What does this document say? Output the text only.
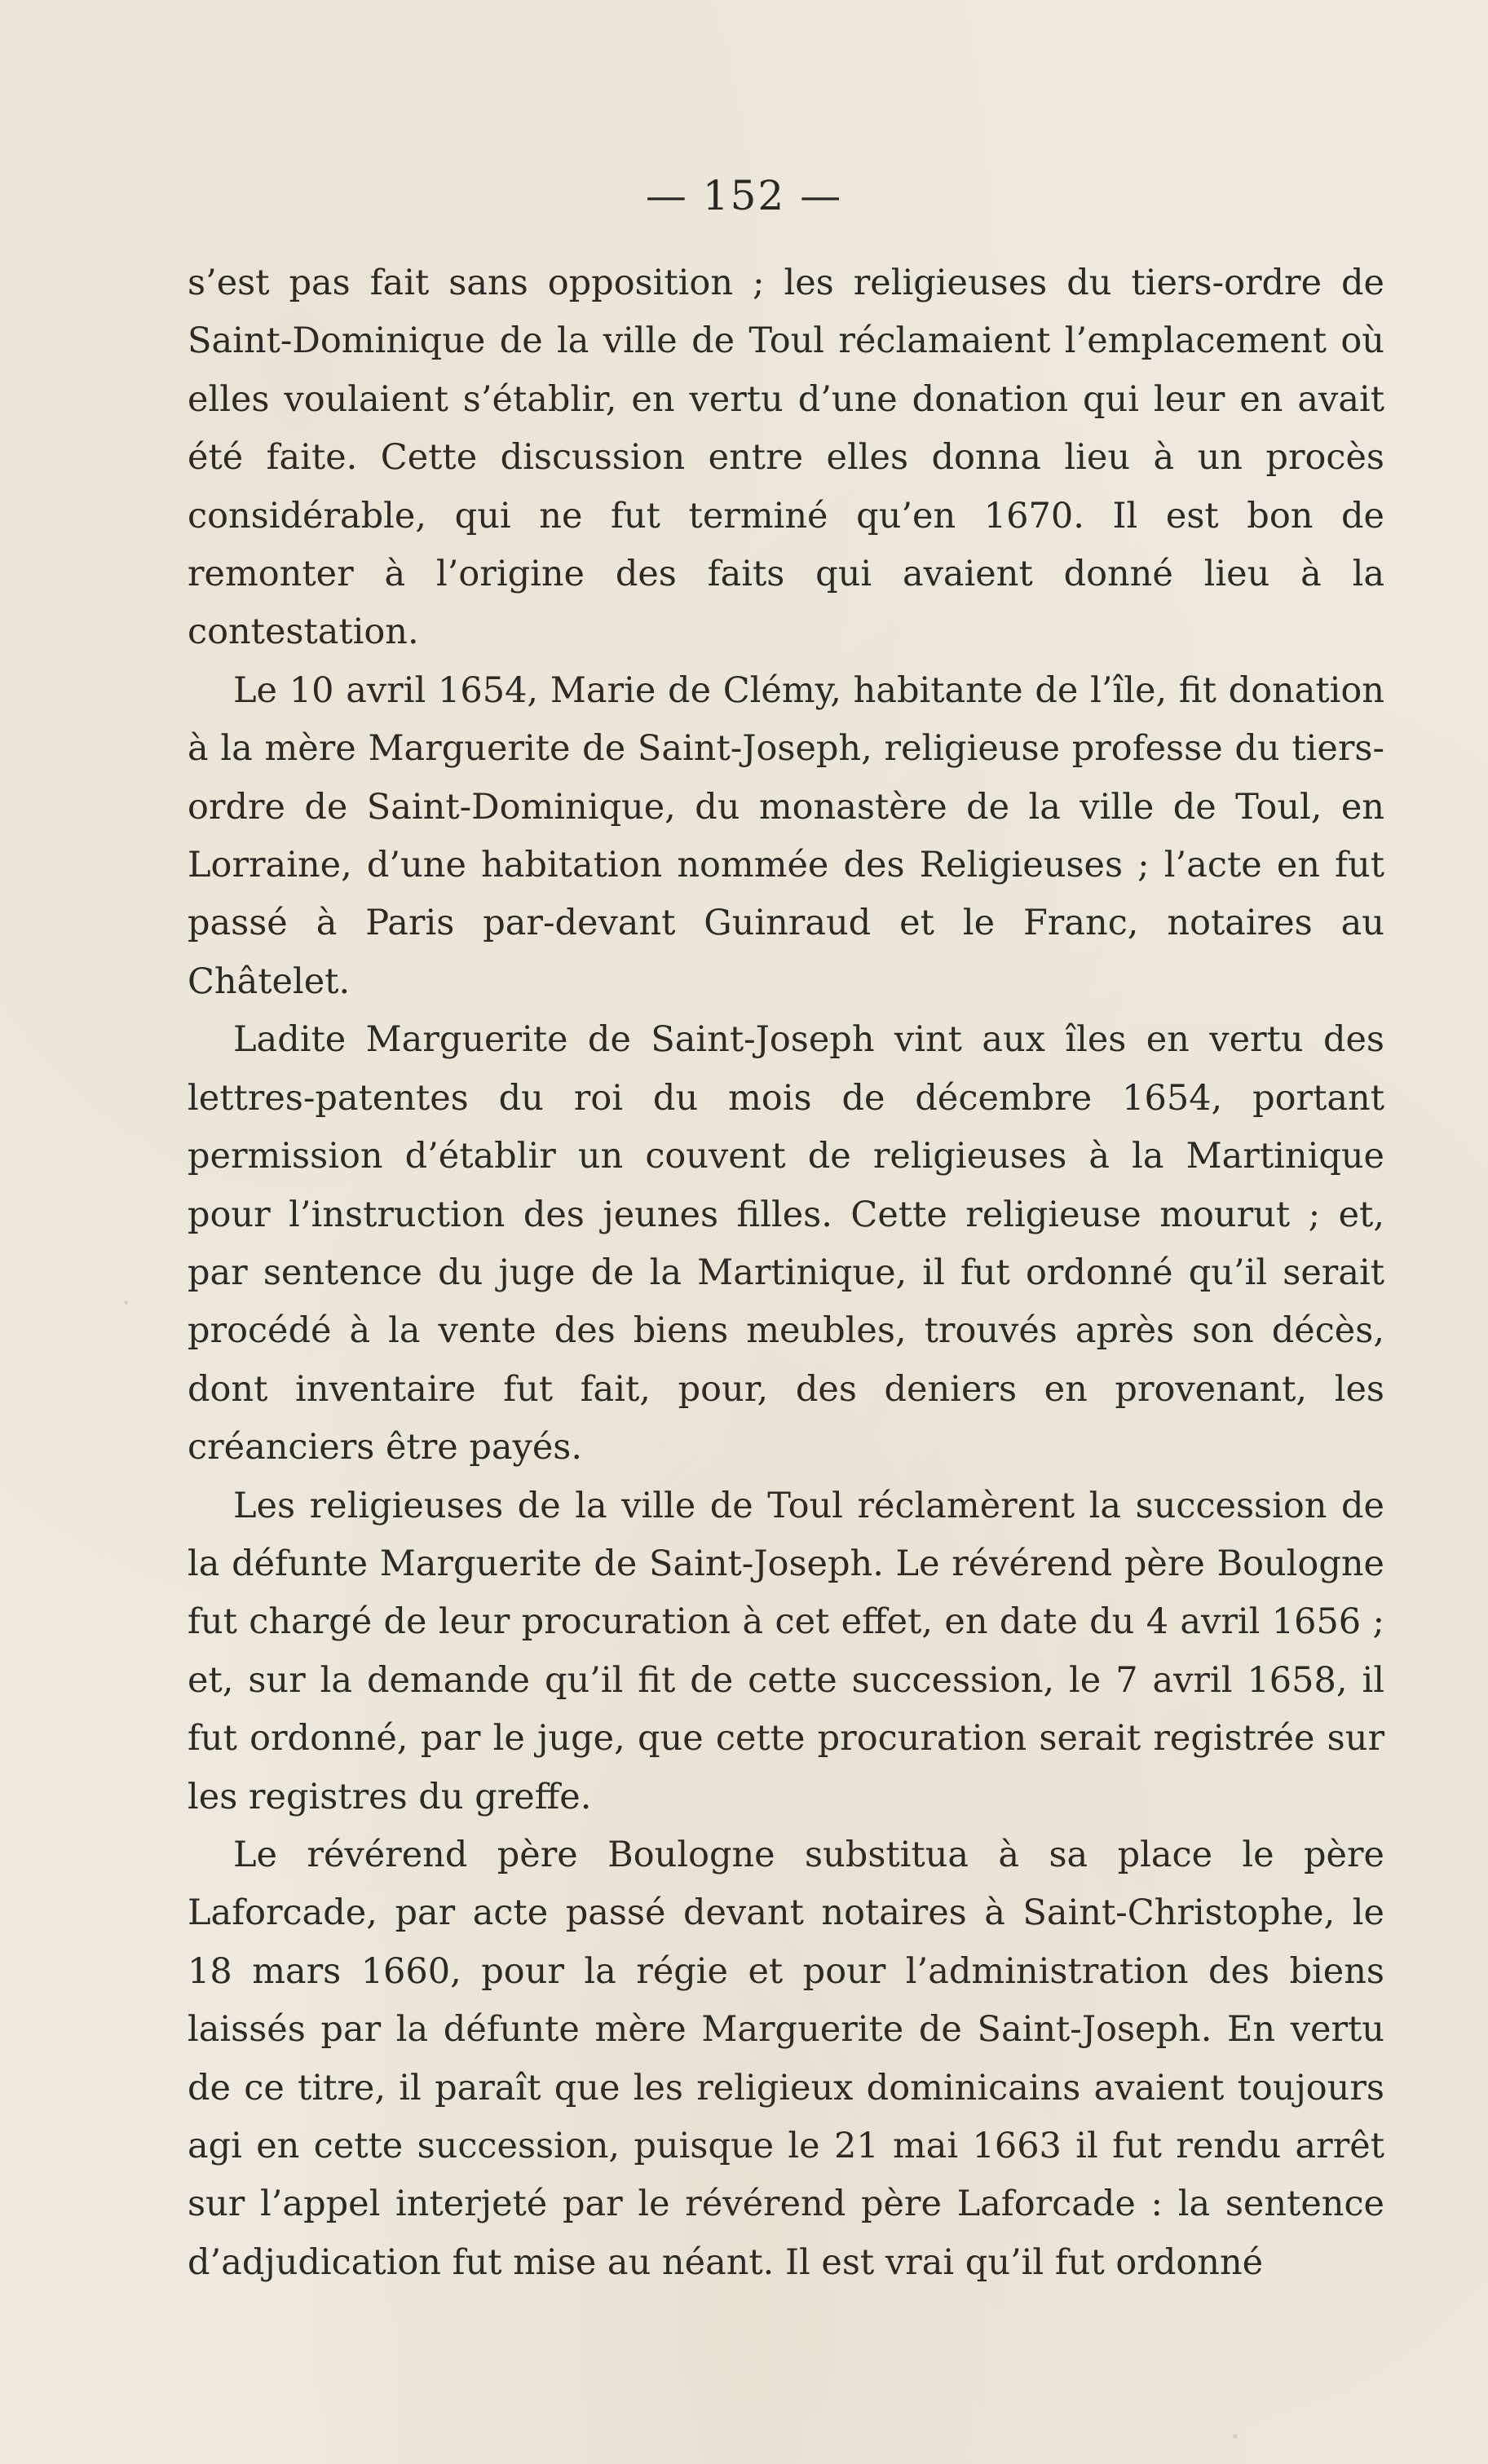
— 152 —

s’est pas fait sans opposition ; les religieuses du tiers-ordre de Saint-Dominique de la ville de Toul réclamaient l’emplacement où elles voulaient s’établir, en vertu d’une donation qui leur en avait été faite. Cette discussion entre elles donna lieu à un procès considérable, qui ne fut terminé qu’en 1670. Il est bon de remonter à l’origine des faits qui avaient donné lieu à la contestation.

Le 10 avril 1654, Marie de Clémy, habitante de l’île, fit donation à la mère Marguerite de Saint-Joseph, religieuse professe du tiers-ordre de Saint-Dominique, du monastère de la ville de Toul, en Lorraine, d’une habitation nommée des Religieuses ; l’acte en fut passé à Paris par-devant Guinraud et le Franc, notaires au Châtelet.

Ladite Marguerite de Saint-Joseph vint aux îles en vertu des lettres-patentes du roi du mois de décembre 1654, portant permission d’établir un couvent de religieuses à la Martinique pour l’instruction des jeunes filles. Cette religieuse mourut ; et, par sentence du juge de la Martinique, il fut ordonné qu’il serait procédé à la vente des biens meubles, trouvés après son décès, dont inventaire fut fait, pour, des deniers en provenant, les créanciers être payés.

Les religieuses de la ville de Toul réclamèrent la succession de la défunte Marguerite de Saint-Joseph. Le révérend père Boulogne fut chargé de leur procuration à cet effet, en date du 4 avril 1656 ; et, sur la demande qu’il fit de cette succession, le 7 avril 1658, il fut ordonné, par le juge, que cette procuration serait registrée sur les registres du greffe.

Le révérend père Boulogne substitua à sa place le père Laforcade, par acte passé devant notaires à Saint-Christophe, le 18 mars 1660, pour la régie et pour l’administration des biens laissés par la défunte mère Marguerite de Saint-Joseph. En vertu de ce titre, il paraît que les religieux dominicains avaient toujours agi en cette succession, puisque le 21 mai 1663 il fut rendu arrêt sur l’appel interjeté par le révérend père Laforcade : la sentence d’adjudication fut mise au néant. Il est vrai qu’il fut ordonné
